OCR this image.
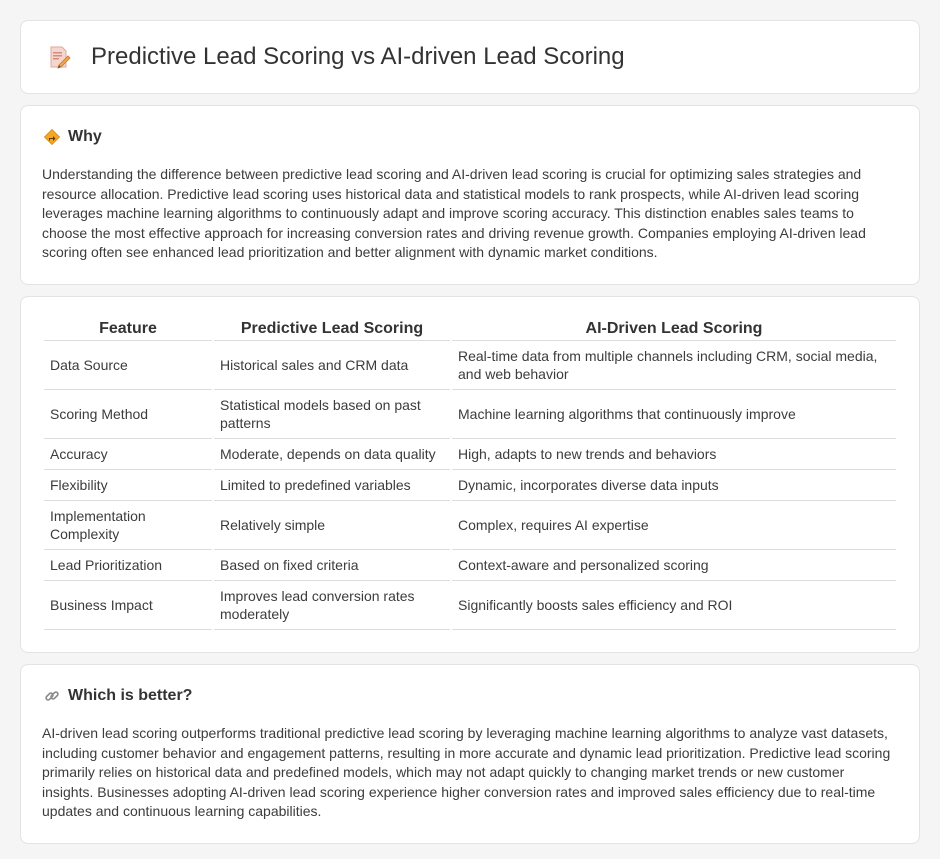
Predictive Lead Scoring vs AI-driven Lead Scoring
Why

Understanding the difference between predictive lead scoring and AI-driven lead scoring is crucial for optimizing sales strategies and resource allocation. Predictive lead scoring uses historical data and statistical models to rank prospects, while AI-driven lead scoring leverages machine learning algorithms to continuously adapt and improve scoring accuracy. This distinction enables sales teams to choose the most effective approach for increasing conversion rates and driving revenue growth. Companies employing AI-driven lead scoring often see enhanced lead prioritization and better alignment with dynamic market conditions.

Feature	Predictive Lead Scoring	AI-Driven Lead Scoring
Data Source	Historical sales and CRM data	Real-time data from multiple channels including CRM, social media, and web behavior
Scoring Method	Statistical models based on past patterns	Machine learning algorithms that continuously improve
Accuracy	Moderate, depends on data quality	High, adapts to new trends and behaviors
Flexibility	Limited to predefined variables	Dynamic, incorporates diverse data inputs
Implementation Complexity	Relatively simple	Complex, requires AI expertise
Lead Prioritization	Based on fixed criteria	Context-aware and personalized scoring
Business Impact	Improves lead conversion rates moderately	Significantly boosts sales efficiency and ROI
Which is better?

AI-driven lead scoring outperforms traditional predictive lead scoring by leveraging machine learning algorithms to analyze vast datasets, including customer behavior and engagement patterns, resulting in more accurate and dynamic lead prioritization. Predictive lead scoring primarily relies on historical data and predefined models, which may not adapt quickly to changing market trends or new customer insights. Businesses adopting AI-driven lead scoring experience higher conversion rates and improved sales efficiency due to real-time updates and continuous learning capabilities.
